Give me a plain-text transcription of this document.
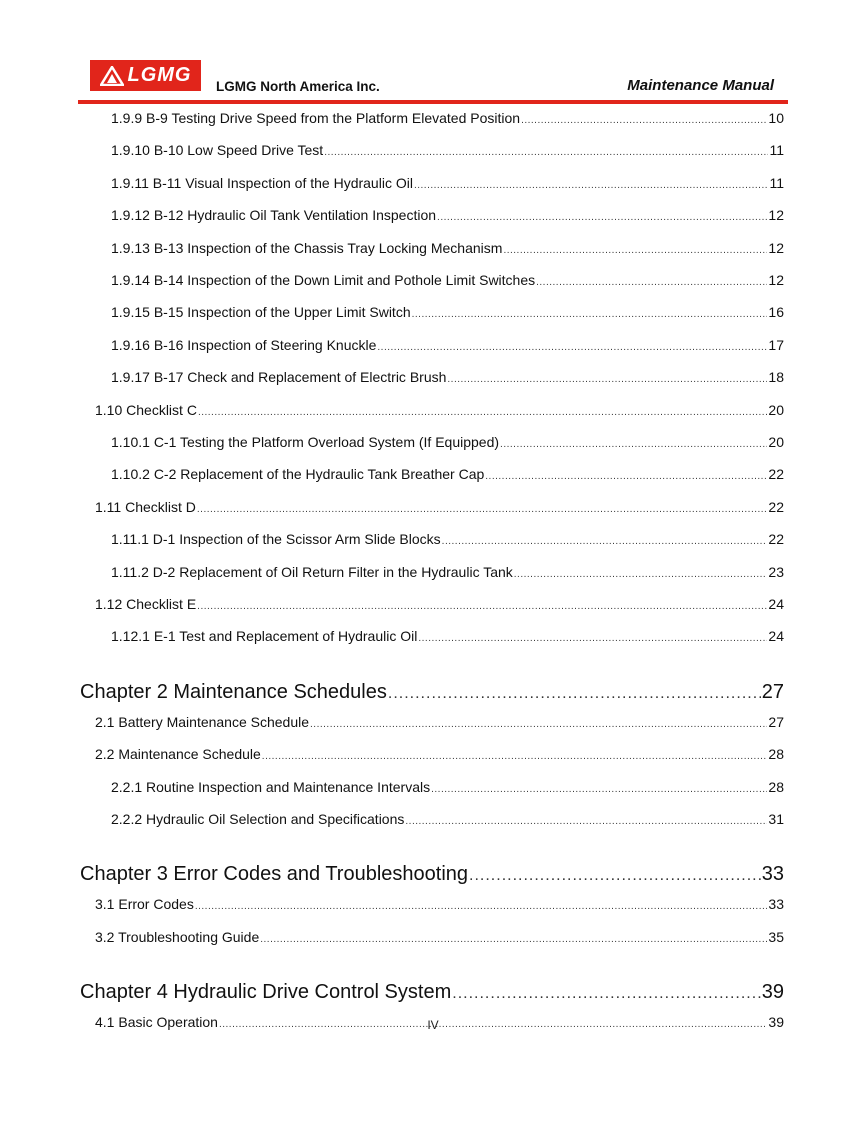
LGMG
LGMG North America Inc.	Maintenance Manual
1.9.9 B-9 Testing Drive Speed from the Platform Elevated Position .....	10
1.9.10 B-10 Low Speed Drive Test .....	11
1.9.11 B-11 Visual Inspection of the Hydraulic Oil .....	11
1.9.12 B-12 Hydraulic Oil Tank Ventilation Inspection .....	12
1.9.13 B-13 Inspection of the Chassis Tray Locking Mechanism .....	12
1.9.14 B-14 Inspection of the Down Limit and Pothole Limit Switches .....	12
1.9.15 B-15 Inspection of the Upper Limit Switch .....	16
1.9.16 B-16 Inspection of Steering Knuckle .....	17
1.9.17 B-17 Check and Replacement of Electric Brush .....	18
1.10 Checklist C .....	20
1.10.1 C-1 Testing the Platform Overload System (If Equipped) .....	20
1.10.2 C-2 Replacement of the Hydraulic Tank Breather Cap .....	22
1.11 Checklist D .....	22
1.11.1 D-1 Inspection of the Scissor Arm Slide Blocks .....	22
1.11.2 D-2 Replacement of Oil Return Filter in the Hydraulic Tank .....	23
1.12 Checklist E .....	24
1.12.1 E-1 Test and Replacement of Hydraulic Oil .....	24
Chapter 2 Maintenance Schedules .....	27
2.1 Battery Maintenance Schedule .....	27
2.2 Maintenance Schedule .....	28
2.2.1 Routine Inspection and Maintenance Intervals .....	28
2.2.2 Hydraulic Oil Selection and Specifications .....	31
Chapter 3 Error Codes and Troubleshooting .....	33
3.1 Error Codes .....	33
3.2 Troubleshooting Guide .....	35
Chapter 4 Hydraulic Drive Control System .....	39
4.1 Basic Operation .....	39
IV
